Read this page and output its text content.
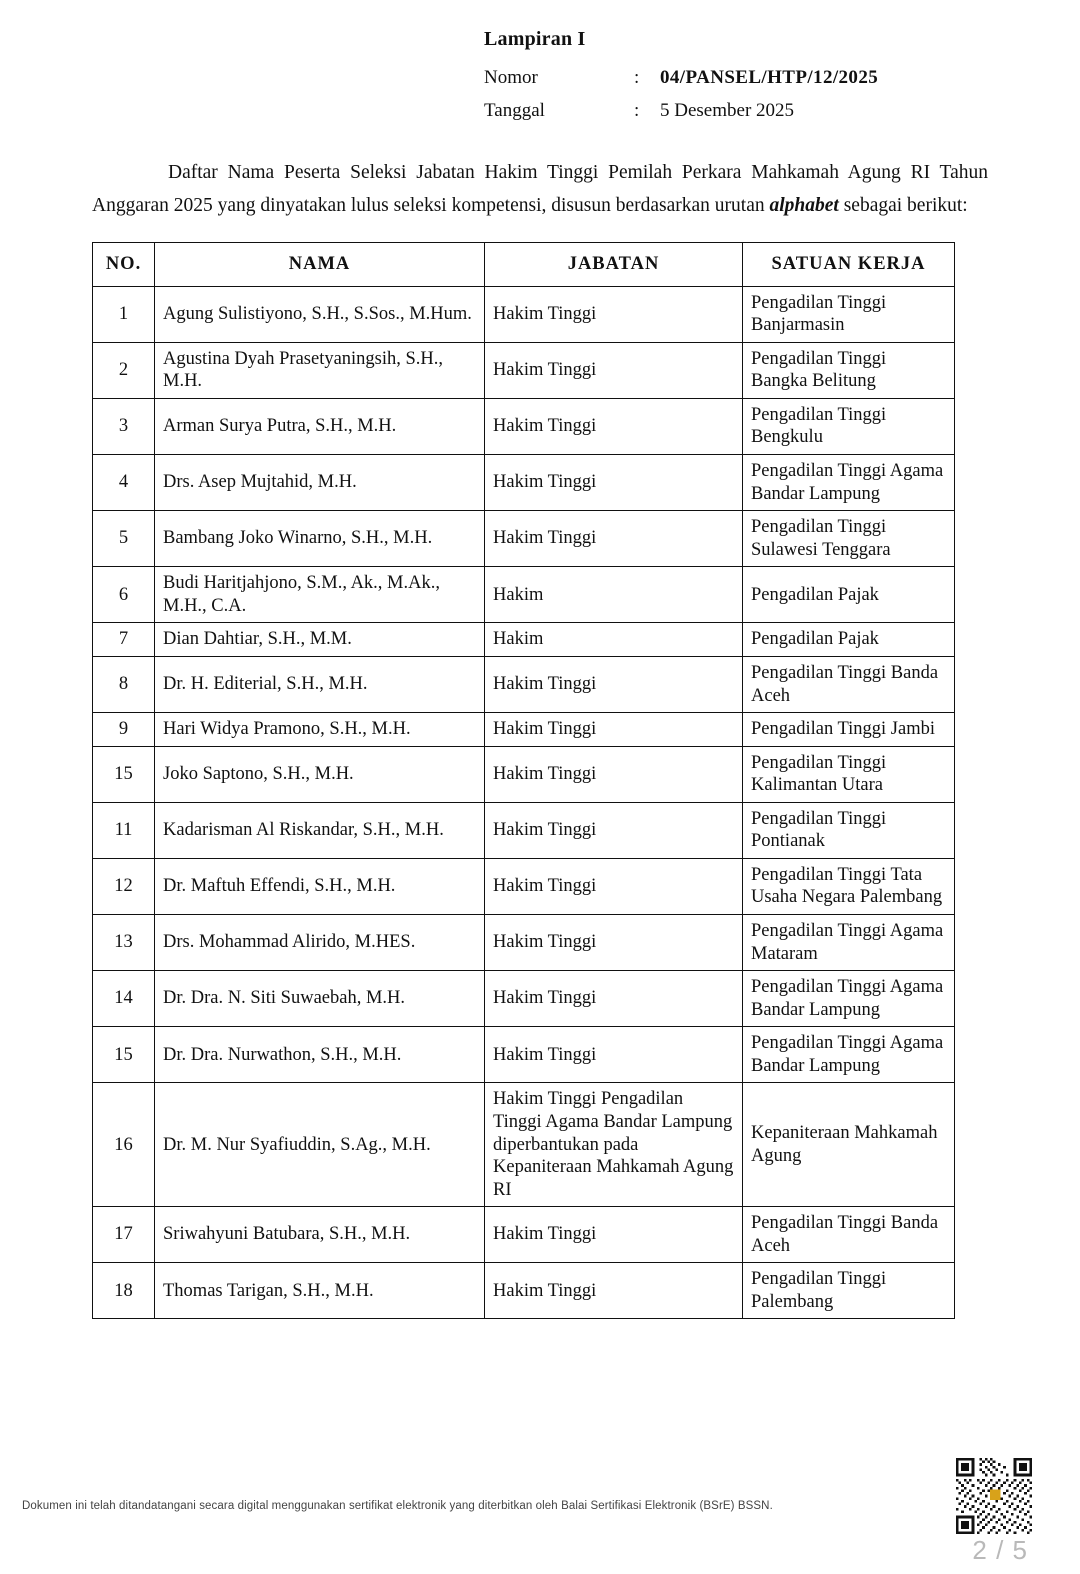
Lampiran I
Nomor	:	04/PANSEL/HTP/12/2025
Tanggal	:	5 Desember 2025

Daftar Nama Peserta Seleksi Jabatan Hakim Tinggi Pemilah Perkara Mahkamah Agung RI Tahun Anggaran 2025 yang dinyatakan lulus seleksi kompetensi, disusun berdasarkan urutan alphabet sebagai berikut:

NO.	NAMA	JABATAN	SATUAN KERJA
1	Agung Sulistiyono, S.H., S.Sos., M.Hum.	Hakim Tinggi	Pengadilan Tinggi Banjarmasin
2	Agustina Dyah Prasetyaningsih, S.H., M.H.	Hakim Tinggi	Pengadilan Tinggi Bangka Belitung
3	Arman Surya Putra, S.H., M.H.	Hakim Tinggi	Pengadilan Tinggi Bengkulu
4	Drs. Asep Mujtahid, M.H.	Hakim Tinggi	Pengadilan Tinggi Agama Bandar Lampung
5	Bambang Joko Winarno, S.H., M.H.	Hakim Tinggi	Pengadilan Tinggi Sulawesi Tenggara
6	Budi Haritjahjono, S.M., Ak., M.Ak., M.H., C.A.	Hakim	Pengadilan Pajak
7	Dian Dahtiar, S.H., M.M.	Hakim	Pengadilan Pajak
8	Dr. H. Editerial, S.H., M.H.	Hakim Tinggi	Pengadilan Tinggi Banda Aceh
9	Hari Widya Pramono, S.H., M.H.	Hakim Tinggi	Pengadilan Tinggi Jambi
15	Joko Saptono, S.H., M.H.	Hakim Tinggi	Pengadilan Tinggi Kalimantan Utara
11	Kadarisman Al Riskandar, S.H., M.H.	Hakim Tinggi	Pengadilan Tinggi Pontianak
12	Dr. Maftuh Effendi, S.H., M.H.	Hakim Tinggi	Pengadilan Tinggi Tata Usaha Negara Palembang
13	Drs. Mohammad Alirido, M.HES.	Hakim Tinggi	Pengadilan Tinggi Agama Mataram
14	Dr. Dra. N. Siti Suwaebah, M.H.	Hakim Tinggi	Pengadilan Tinggi Agama Bandar Lampung
15	Dr. Dra. Nurwathon, S.H., M.H.	Hakim Tinggi	Pengadilan Tinggi Agama Bandar Lampung
16	Dr. M. Nur Syafiuddin, S.Ag., M.H.	Hakim Tinggi Pengadilan Tinggi Agama Bandar Lampung diperbantukan pada Kepaniteraan Mahkamah Agung RI	Kepaniteraan Mahkamah Agung
17	Sriwahyuni Batubara, S.H., M.H.	Hakim Tinggi	Pengadilan Tinggi Banda Aceh
18	Thomas Tarigan, S.H., M.H.	Hakim Tinggi	Pengadilan Tinggi Palembang
Dokumen ini telah ditandatangani secara digital menggunakan sertifikat elektronik yang diterbitkan oleh Balai Sertifikasi Elektronik (BSrE) BSSN.
2 / 5
